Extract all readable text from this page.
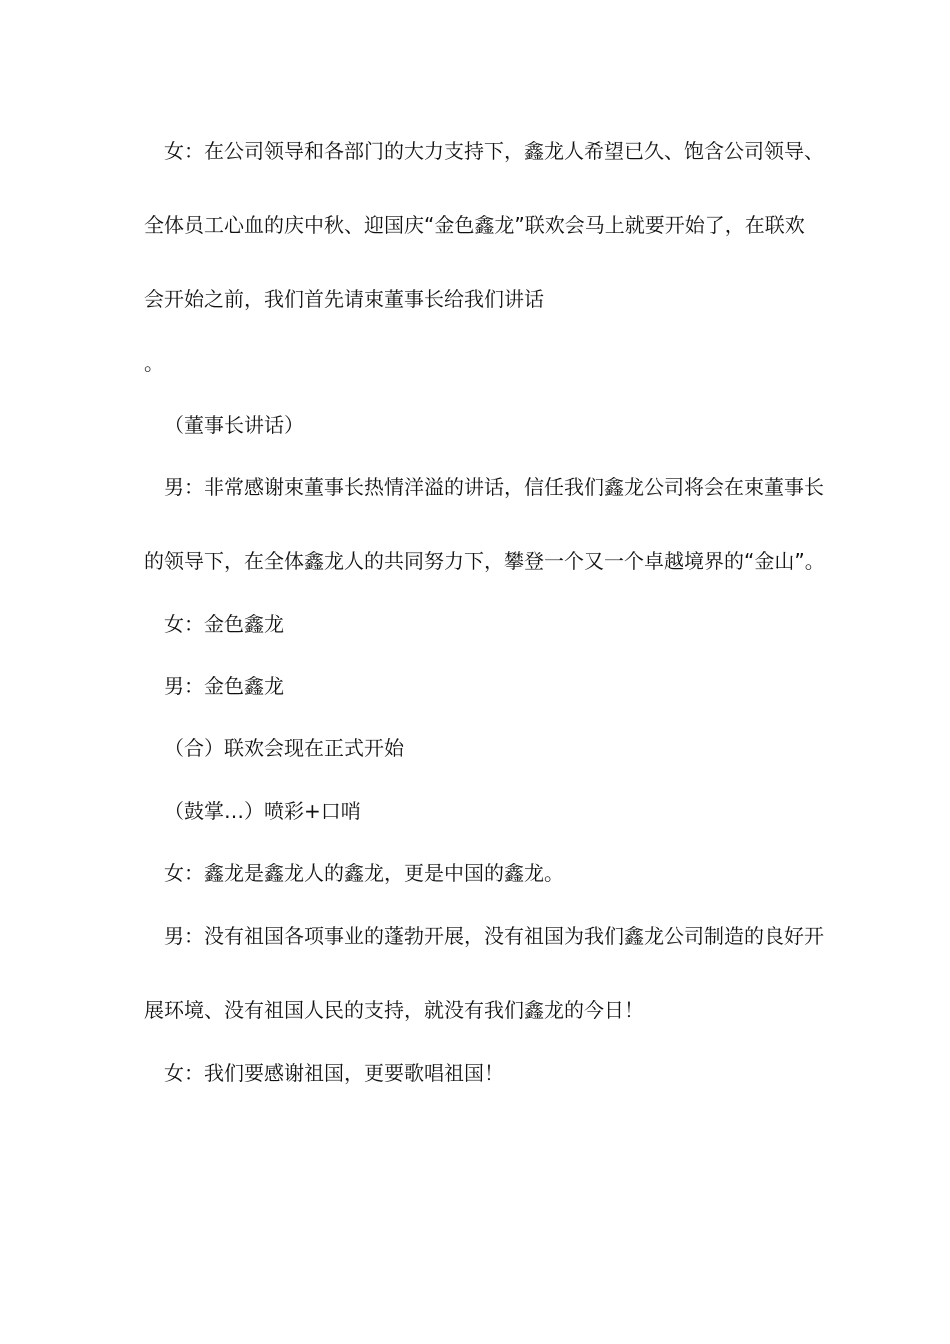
女：在公司领导和各部门的大力支持下，鑫龙人希望已久、饱含公司领导、
全体员工心血的庆中秋、迎国庆“金色鑫龙”联欢会马上就要开始了，在联欢
会开始之前，我们首先请束董事长给我们讲话
。
（董事长讲话）
男：非常感谢束董事长热情洋溢的讲话，信任我们鑫龙公司将会在束董事长
的领导下，在全体鑫龙人的共同努力下，攀登一个又一个卓越境界的“金山”。
女：金色鑫龙
男：金色鑫龙
（合）联欢会现在正式开始
（鼓掌…）喷彩+口哨
女：鑫龙是鑫龙人的鑫龙，更是中国的鑫龙。
男：没有祖国各项事业的蓬勃开展，没有祖国为我们鑫龙公司制造的良好开
展环境、没有祖国人民的支持，就没有我们鑫龙的今日！
女：我们要感谢祖国，更要歌唱祖国！
